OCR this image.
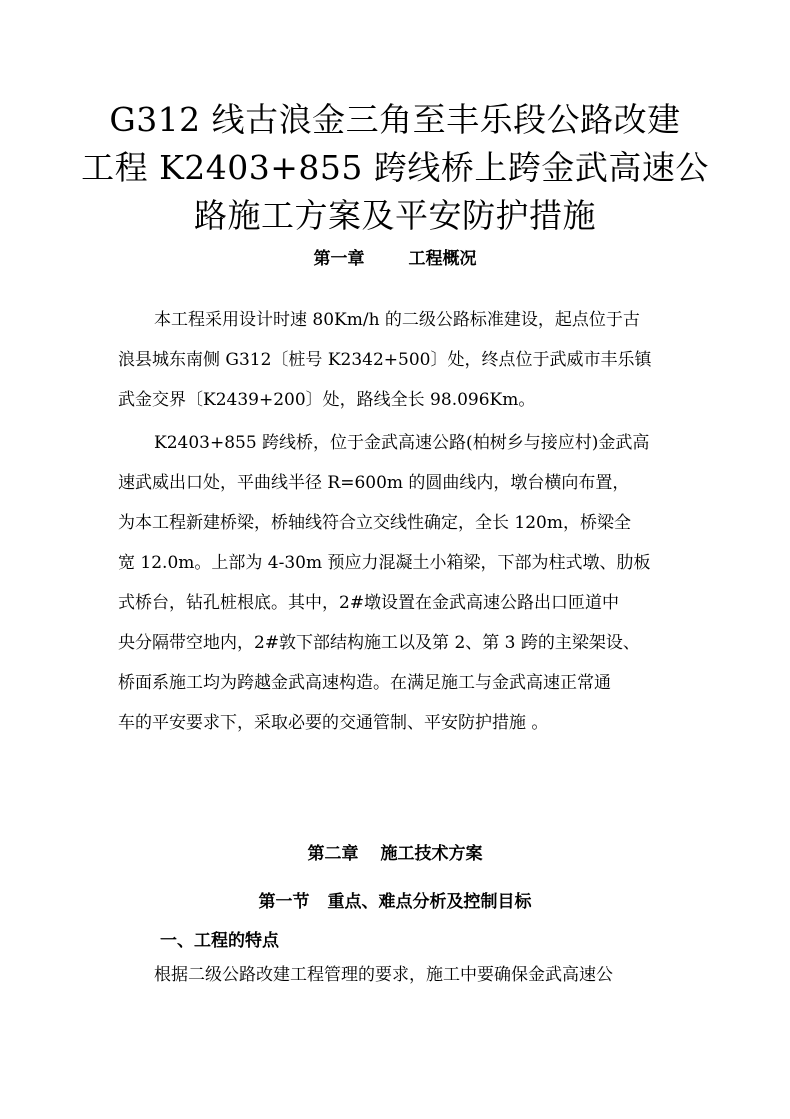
G312 线古浪金三角至丰乐段公路改建
工程 K2403+855 跨线桥上跨金武高速公
路施工方案及平安防护措施
第一章	工程概况

本工程采用设计时速 80Km/h 的二级公路标准建设，起点位于古
浪县城东南侧 G312〔桩号 K2342+500〕处，终点位于武威市丰乐镇
武金交界〔K2439+200〕处，路线全长 98.096Km。

K2403+855 跨线桥，位于金武高速公路(柏树乡与接应村)金武高
速武威出口处，平曲线半径 R=600m 的圆曲线内，墩台横向布置，
为本工程新建桥梁，桥轴线符合立交线性确定，全长 120m，桥梁全
宽 12.0m。上部为 4-30m 预应力混凝土小箱梁，下部为柱式墩、肋板
式桥台，钻孔桩根底。其中，2#墩设置在金武高速公路出口匝道中
央分隔带空地内，2#敦下部结构施工以及第 2、第 3 跨的主梁架设、
桥面系施工均为跨越金武高速构造。在满足施工与金武高速正常通
车的平安要求下，采取必要的交通管制、平安防护措施 。

第二章 施工技术方案
第一节 重点、难点分析及控制目标
一、工程的特点

根据二级公路改建工程管理的要求，施工中要确保金武高速公
